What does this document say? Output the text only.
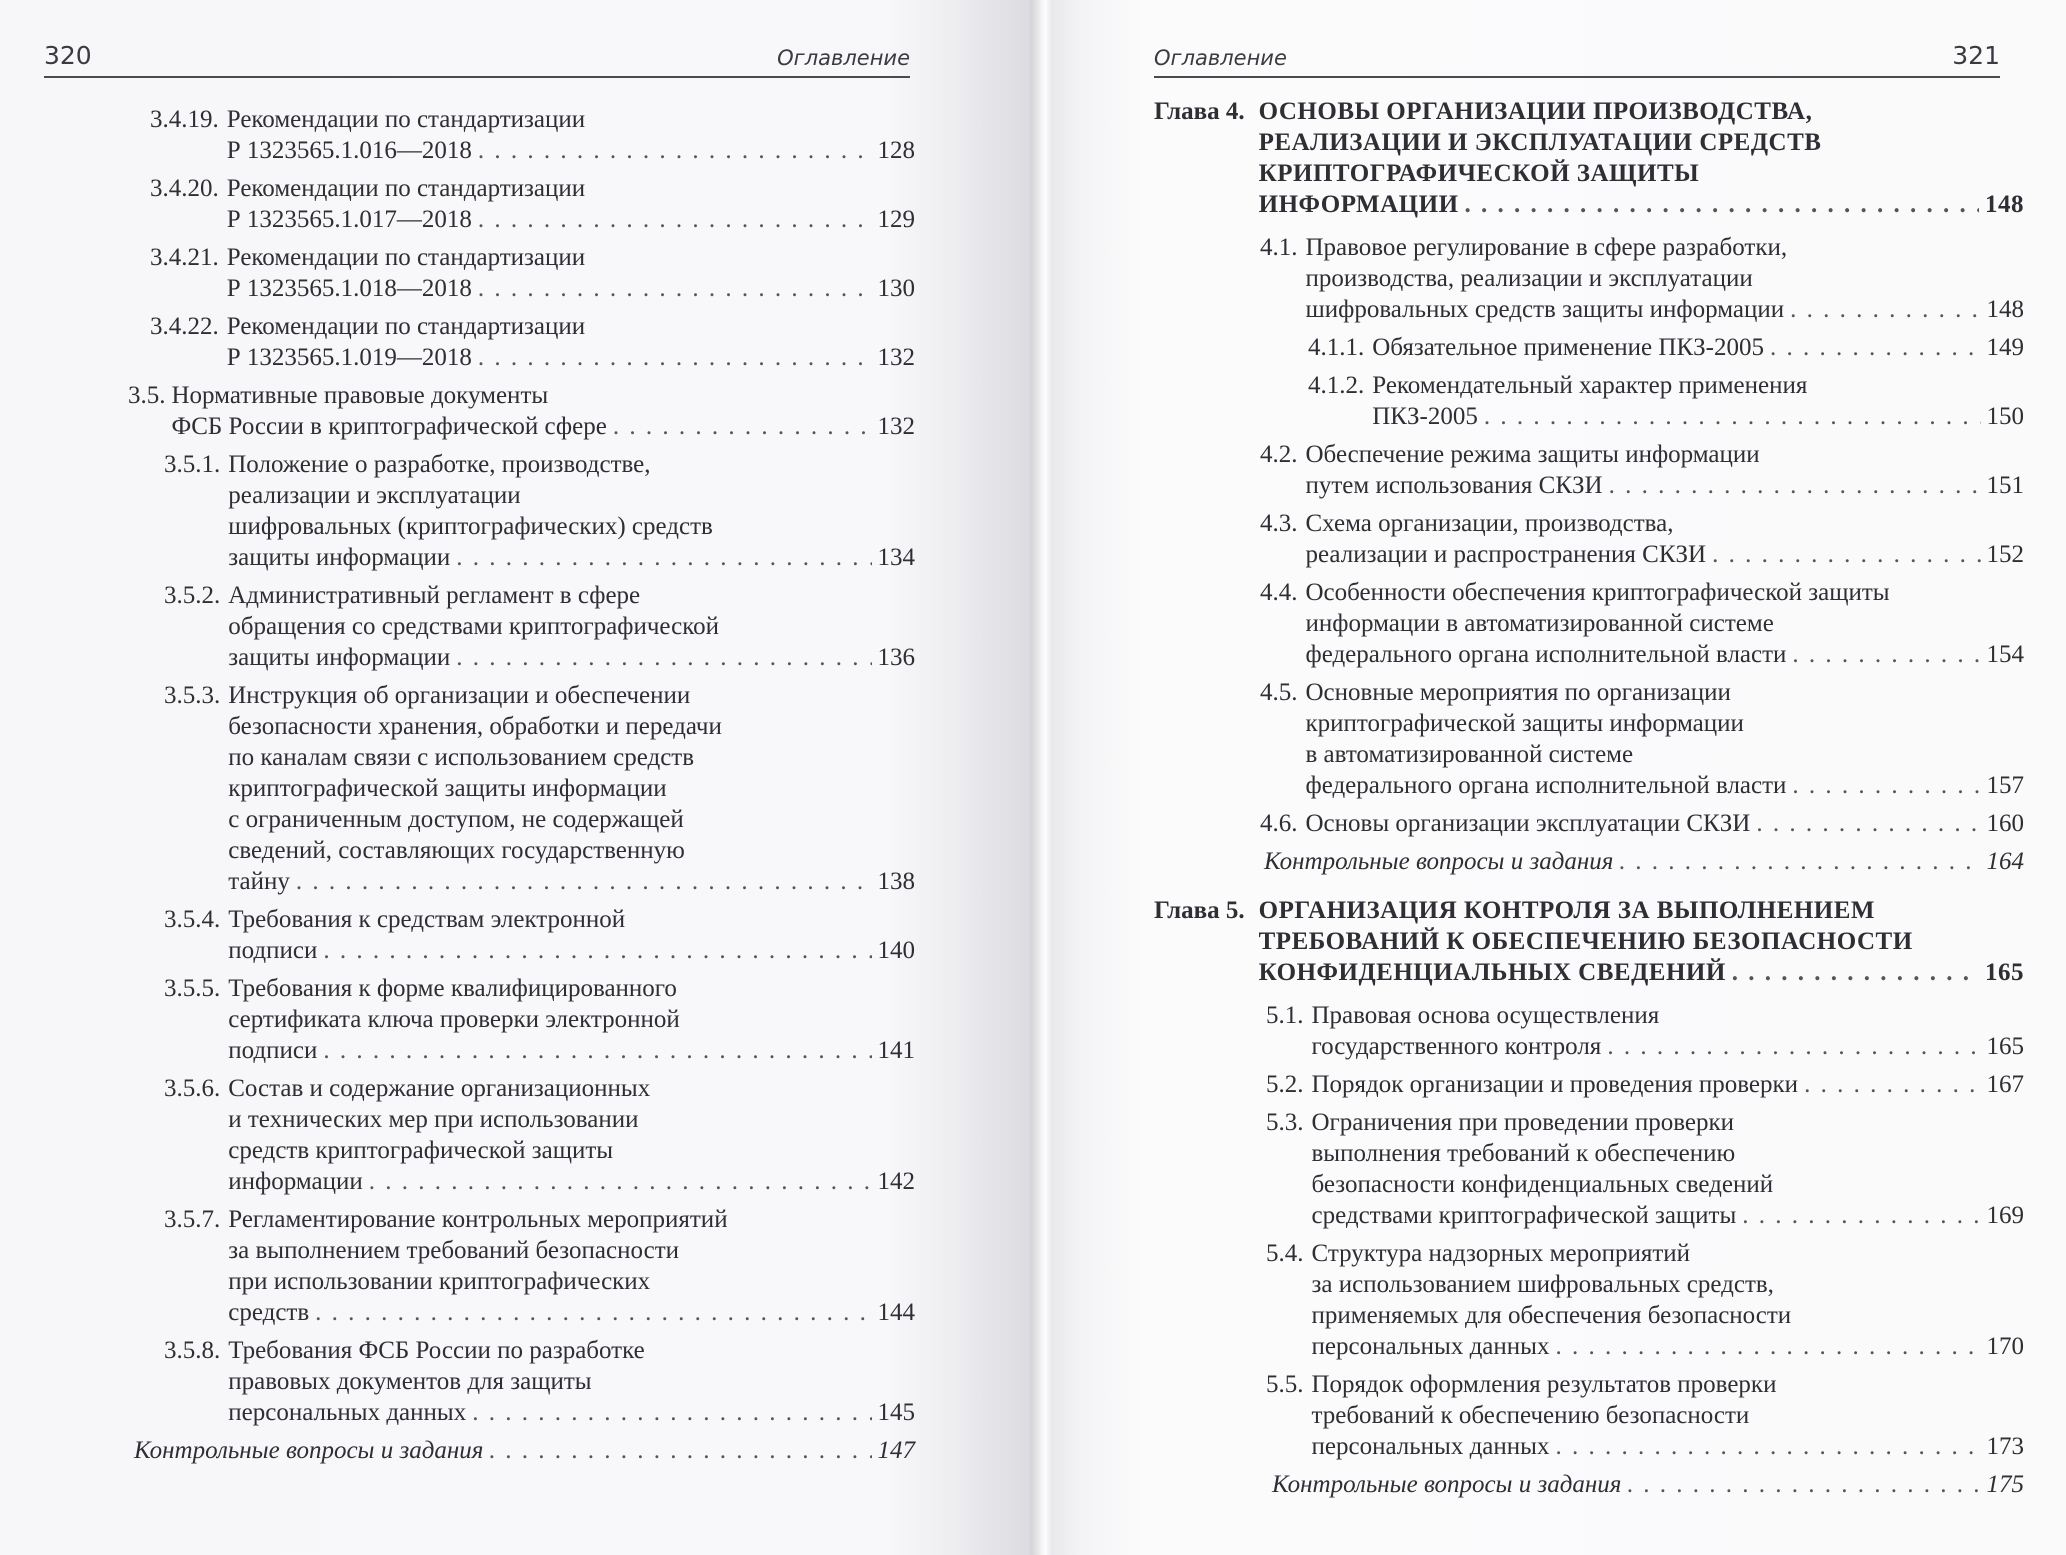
320	Оглавление
3.4.19. Рекомендации по стандартизации
Р 1323565.1.016—2018 . . .	128
3.4.20. Рекомендации по стандартизации
Р 1323565.1.017—2018 . . .	129
3.4.21. Рекомендации по стандартизации
Р 1323565.1.018—2018 . . .	130
3.4.22. Рекомендации по стандартизации
Р 1323565.1.019—2018 . . .	132
3.5. Нормативные правовые документы
ФСБ России в криптографической сфере . . .	132
3.5.1. Положение о разработке, производстве,
реализации и эксплуатации
шифровальных (криптографических) средств
защиты информации . . .	134
3.5.2. Административный регламент в сфере
обращения со средствами криптографической
защиты информации . . .	136
3.5.3. Инструкция об организации и обеспечении
безопасности хранения, обработки и передачи
по каналам связи с использованием средств
криптографической защиты информации
с ограниченным доступом, не содержащей
сведений, составляющих государственную
тайну . . .	138
3.5.4. Требования к средствам электронной
подписи . . .	140
3.5.5. Требования к форме квалифицированного
сертификата ключа проверки электронной
подписи . . .	141
3.5.6. Состав и содержание организационных
и технических мер при использовании
средств криптографической защиты
информации . . .	142
3.5.7. Регламентирование контрольных мероприятий
за выполнением требований безопасности
при использовании криптографических
средств . . .	144
3.5.8. Требования ФСБ России по разработке
правовых документов для защиты
персональных данных . . .	145
Контрольные вопросы и задания . . .	147
Оглавление	321
Глава 4. ОСНОВЫ ОРГАНИЗАЦИИ ПРОИЗВОДСТВА,
РЕАЛИЗАЦИИ И ЭКСПЛУАТАЦИИ СРЕДСТВ
КРИПТОГРАФИЧЕСКОЙ ЗАЩИТЫ
ИНФОРМАЦИИ . . .	148
4.1. Правовое регулирование в сфере разработки,
производства, реализации и эксплуатации
шифровальных средств защиты информации . . .	148
4.1.1. Обязательное применение ПКЗ-2005 . . .	149
4.1.2. Рекомендательный характер применения
ПКЗ-2005 . . .	150
4.2. Обеспечение режима защиты информации
путем использования СКЗИ . . .	151
4.3. Схема организации, производства,
реализации и распространения СКЗИ . . .	152
4.4. Особенности обеспечения криптографической защиты
информации в автоматизированной системе
федерального органа исполнительной власти . . .	154
4.5. Основные мероприятия по организации
криптографической защиты информации
в автоматизированной системе
федерального органа исполнительной власти . . .	157
4.6. Основы организации эксплуатации СКЗИ . . .	160
Контрольные вопросы и задания . . .	164
Глава 5. ОРГАНИЗАЦИЯ КОНТРОЛЯ ЗА ВЫПОЛНЕНИЕМ
ТРЕБОВАНИЙ К ОБЕСПЕЧЕНИЮ БЕЗОПАСНОСТИ
КОНФИДЕНЦИАЛЬНЫХ СВЕДЕНИЙ . . .	165
5.1. Правовая основа осуществления
государственного контроля . . .	165
5.2. Порядок организации и проведения проверки . . .	167
5.3. Ограничения при проведении проверки
выполнения требований к обеспечению
безопасности конфиденциальных сведений
средствами криптографической защиты . . .	169
5.4. Структура надзорных мероприятий
за использованием шифровальных средств,
применяемых для обеспечения безопасности
персональных данных . . .	170
5.5. Порядок оформления результатов проверки
требований к обеспечению безопасности
персональных данных . . .	173
Контрольные вопросы и задания . . .	175
